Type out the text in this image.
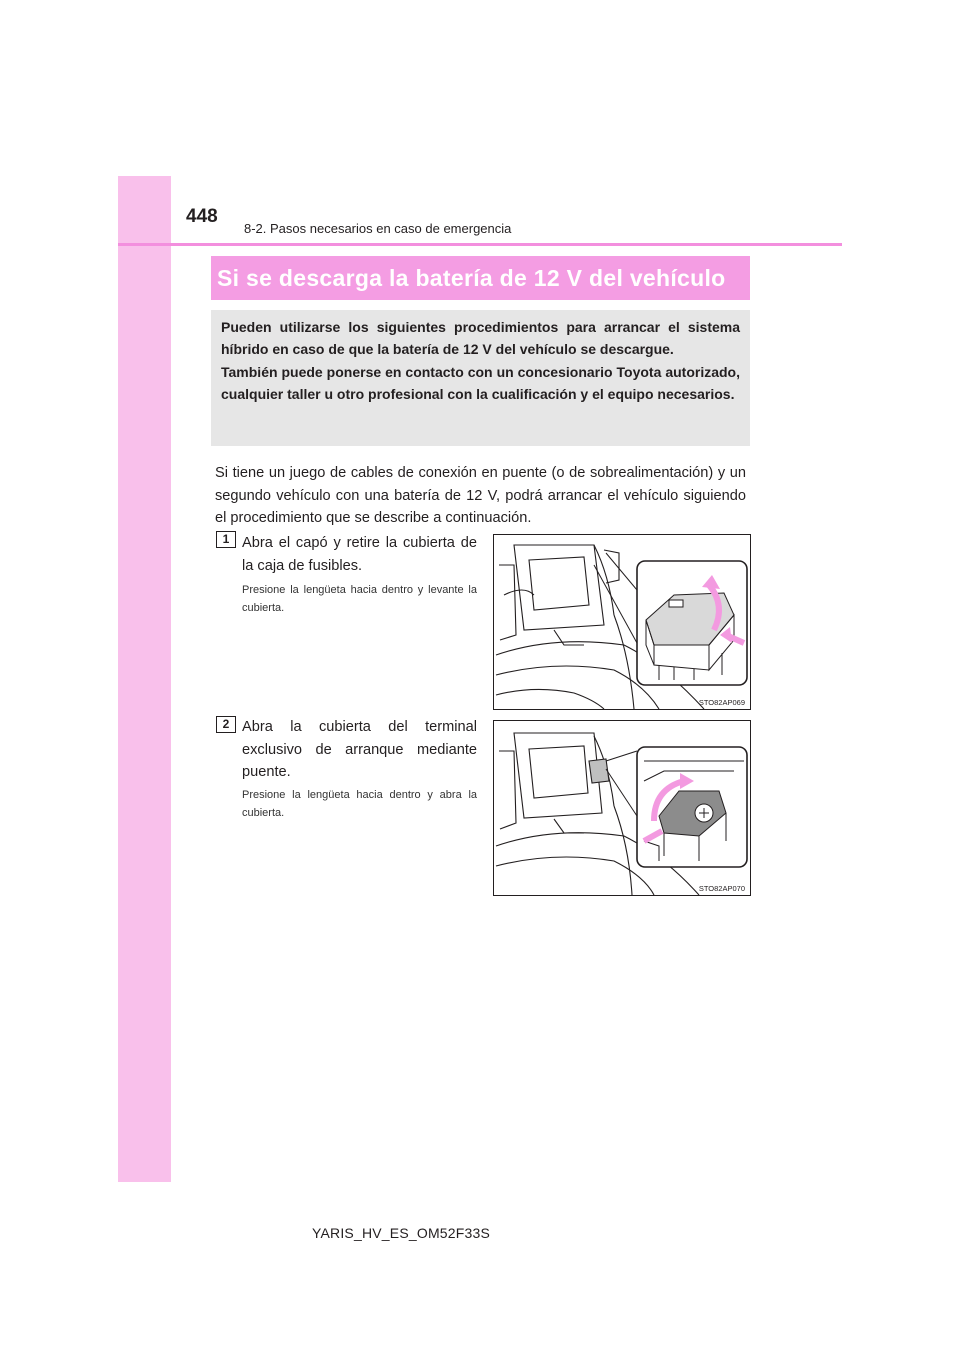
448
8-2. Pasos necesarios en caso de emergencia
Si se descarga la batería de 12 V del vehículo

Pueden utilizarse los siguientes procedimientos para arrancar el sistema híbrido en caso de que la batería de 12 V del vehículo se descargue.

También puede ponerse en contacto con un concesionario Toyota autorizado, cualquier taller u otro profesional con la cualificación y el equipo necesarios.

Si tiene un juego de cables de conexión en puente (o de sobrealimentación) y un segundo vehículo con una batería de 12 V, podrá arrancar el vehículo siguiendo el procedimiento que se describe a continuación.

1 Abra el capó y retire la cubierta de la caja de fusibles.

Presione la lengüeta hacia dentro y levante la cubierta.

STO82AP069
2 Abra la cubierta del terminal exclusivo de arranque mediante puente.

Presione la lengüeta hacia dentro y abra la cubierta.

STO82AP070
YARIS_HV_ES_OM52F33S
